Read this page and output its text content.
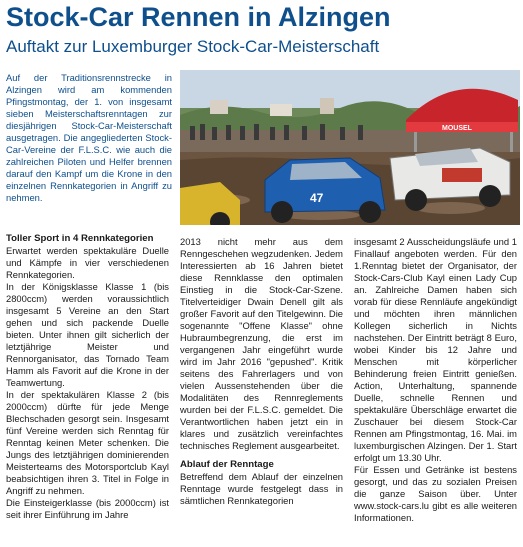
Stock-Car Rennen in Alzingen
Auftakt zur Luxemburger Stock-Car-Meisterschaft
Auf der Traditionsrennstrecke in Alzingen wird am kommenden Pfingstmontag, der 1. von insgesamt sieben Meisterschaftsrenntagen zur diesjährigen Stock-Car-Meisterschaft ausgetragen. Die angegliederten Stock-Car-Vereine der F.L.S.C. wie auch die zahlreichen Piloten und Helfer brennen darauf den Kampf um die Krone in den einzelnen Rennkategorien in Angriff zu nehmen.
MOUSEL
47
Toller Sport in 4 Rennkategorien

Erwartet werden spektakuläre Duelle und Kämpfe in vier verschiedenen Rennkategorien.

In der Königsklasse Klasse 1 (bis 2800ccm) werden voraussichtlich insgesamt 5 Vereine an den Start gehen und sich packende Duelle bieten. Unter ihnen gilt sicherlich der letztjährige Meister und Rennorganisator, das Tornado Team Hamm als Favorit auf die Krone in der Teamwertung.

In der spektakulären Klasse 2 (bis 2000ccm) dürfte für jede Menge Blechschaden gesorgt sein. Insgesamt fünf Vereine werden sich Renntag für Renntag keinen Meter schenken. Die Jungs des letztjährigen dominierenden Meisterteams des Motorsportclub Kayl beabsichtigen ihren 3. Titel in Folge in Angriff zu nehmen.

Die Einsteigerklasse (bis 2000ccm) ist seit ihrer Einführung im Jahre

2013 nicht mehr aus dem Renngeschehen wegzudenken. Jedem Interessierten ab 16 Jahren bietet diese Rennklasse den optimalen Einstieg in die Stock-Car-Szene. Titelverteidiger Dwain Denell gilt als großer Favorit auf den Titelgewinn. Die sogenannte "Offene Klasse" ohne Hubraumbegrenzung, die erst im vergangenen Jahr eingeführt wurde wird im Jahr 2016 "gepushed". Kritik seitens des Fahrerlagers und von vielen Aussenstehenden über die Modalitäten des Rennreglements wurden bei der F.L.S.C. gemeldet. Die Verantwortlichen haben jetzt ein in klares und zusätzlich vereinfachtes technisches Reglement ausgearbeitet.

Ablauf der Renntage

Betreffend dem Ablauf der einzelnen Renntage wurde festgelegt dass in sämtlichen Rennkategorien

insgesamt 2 Ausscheidungsläufe und 1 Finallauf angeboten werden. Für den 1.Renntag bietet der Organisator, der Stock-Cars-Club Kayl einen Lady Cup an. Zahlreiche Damen haben sich vorab für diese Rennläufe angekündigt und möchten ihren männlichen Kollegen sicherlich in Nichts nachstehen. Der Eintritt beträgt 8 Euro, wobei Kinder bis 12 Jahre und Menschen mit körperlicher Behinderung freien Eintritt genießen. Action, Unterhaltung, spannende Duelle, schnelle Rennen und spektakuläre Überschläge erwartet die Zuschauer bei diesem Stock-Car Rennen am Pfingstmontag, 16. Mai. im luxemburgischen Alzingen. Der 1. Start erfolgt um 13.30 Uhr.

Für Essen und Getränke ist bestens gesorgt, und das zu sozialen Preisen die ganze Saison über. Unter www.stock-cars.lu gibt es alle weiteren Informationen.
